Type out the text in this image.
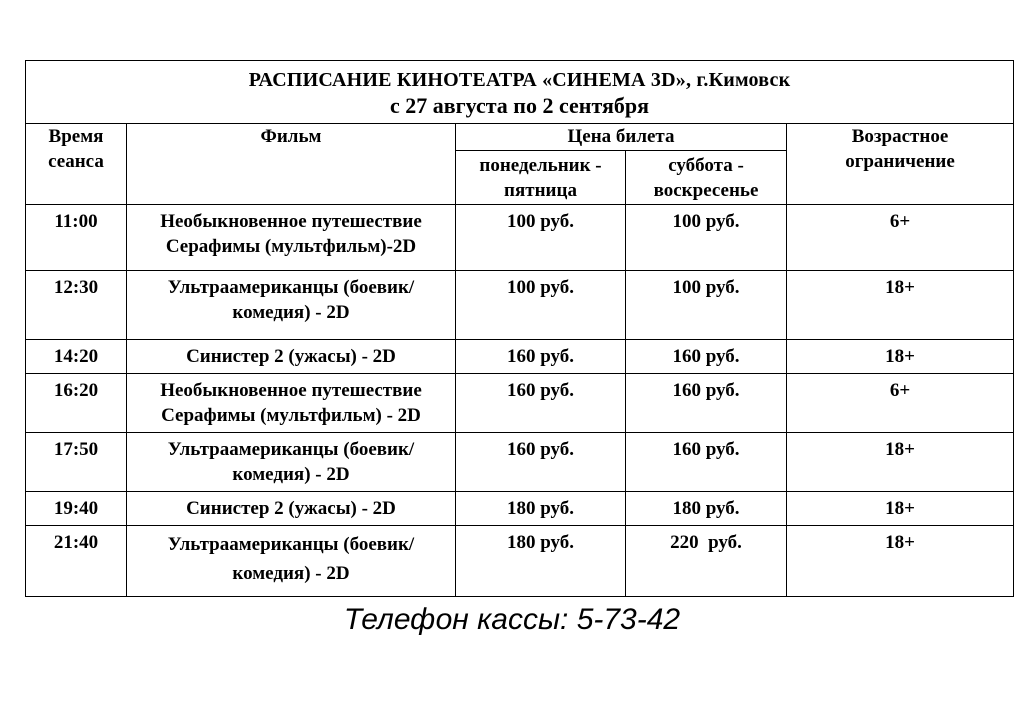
РАСПИСАНИЕ КИНОТЕАТРА «СИНЕМА 3D», г.Кимовск
с 27 августа по 2 сентября				

Время сеанса	Фильм	Цена билета		Возрастное ограничение

		понедельник - пятница	суббота - воскресенье	

11:00	Необыкновенное путешествие Серафимы (мультфильм)-2D	100 руб.	100 руб.	6+

12:30	Ультраамериканцы (боевик/комедия) - 2D	100 руб.	100 руб.	18+

14:20	Синистер 2 (ужасы) - 2D	160 руб.	160 руб.	18+

16:20	Необыкновенное путешествие Серафимы (мультфильм) - 2D	160 руб.	160 руб.	6+

17:50	Ультраамериканцы (боевик/комедия) - 2D	160 руб.	160 руб.	18+

19:40	Синистер 2 (ужасы) - 2D	180 руб.	180 руб.	18+

21:40	Ультраамериканцы (боевик/комедия) - 2D	180 руб.	220  руб.	18+
Телефон кассы: 5-73-42
